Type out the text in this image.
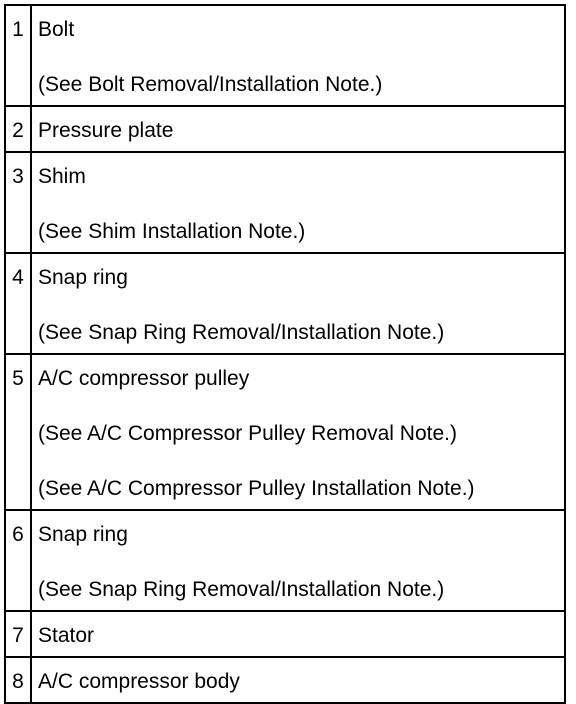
1	Bolt
(See Bolt Removal/Installation Note.)

2	Pressure plate

3	Shim
(See Shim Installation Note.)

4	Snap ring
(See Snap Ring Removal/Installation Note.)

5	A/C compressor pulley
(See A/C Compressor Pulley Removal Note.)
(See A/C Compressor Pulley Installation Note.)

6	Snap ring
(See Snap Ring Removal/Installation Note.)

7	Stator

8	A/C compressor body
